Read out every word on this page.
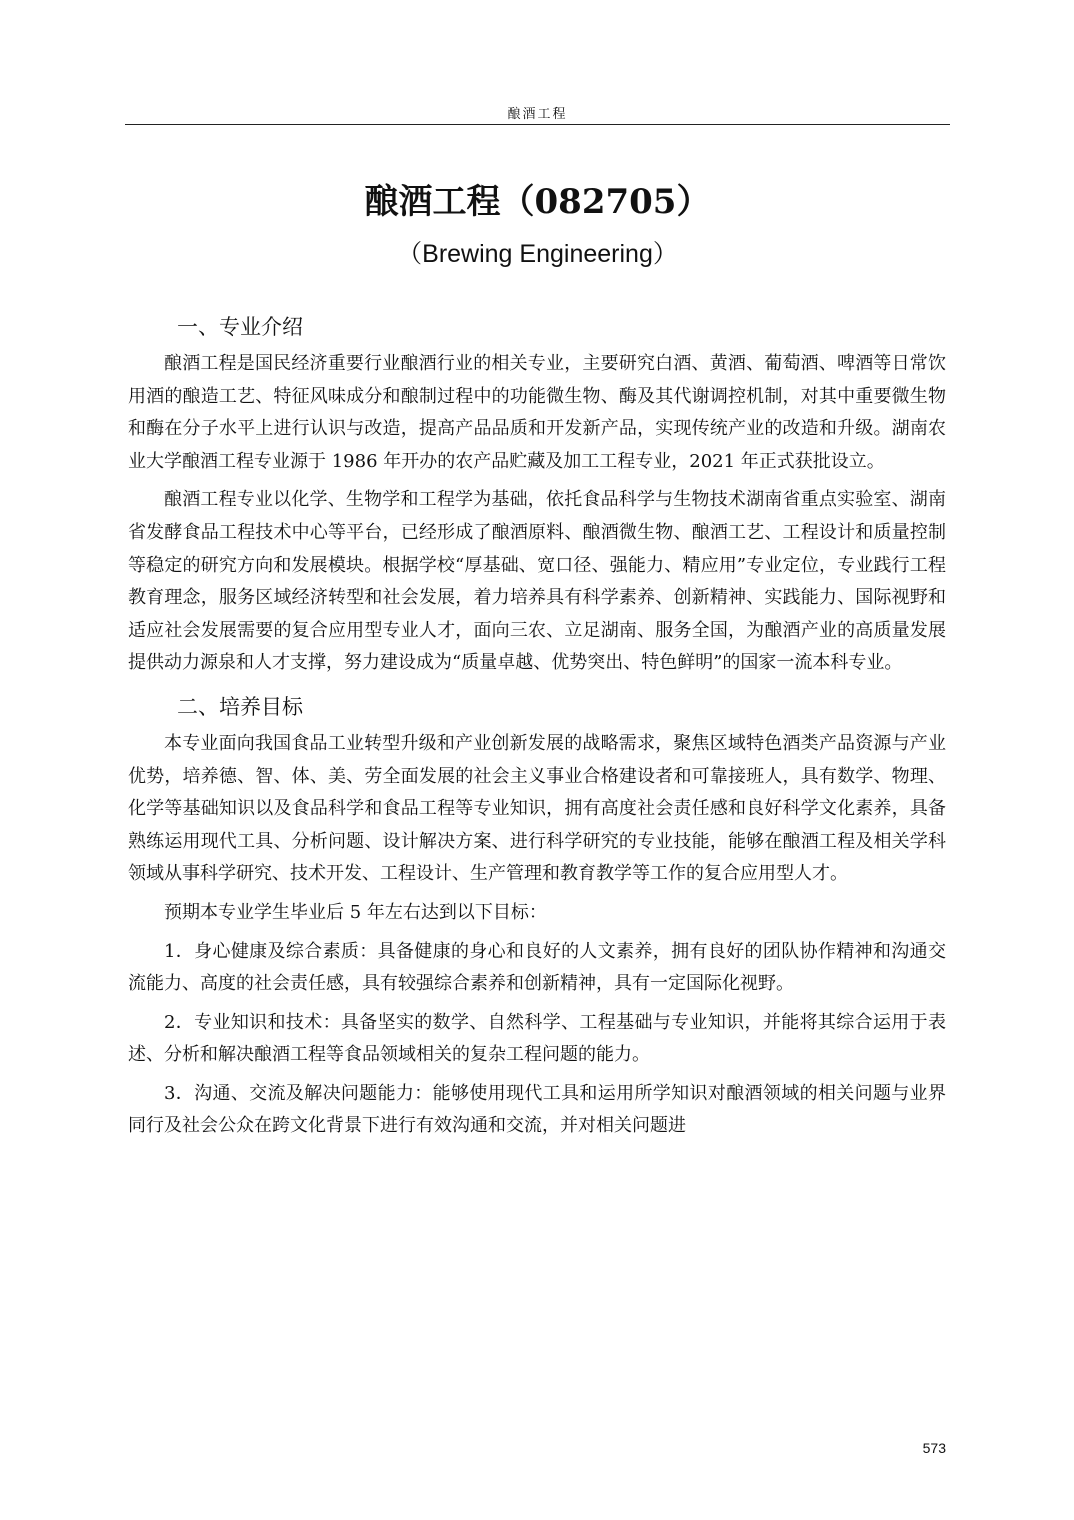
酿酒工程
酿酒工程（082705）
（Brewing Engineering）
一、专业介绍

酿酒工程是国民经济重要行业酿酒行业的相关专业，主要研究白酒、黄酒、葡萄酒、啤酒等日常饮用酒的酿造工艺、特征风味成分和酿制过程中的功能微生物、酶及其代谢调控机制，对其中重要微生物和酶在分子水平上进行认识与改造，提高产品品质和开发新产品，实现传统产业的改造和升级。湖南农业大学酿酒工程专业源于 1986 年开办的农产品贮藏及加工工程专业，2021 年正式获批设立。

酿酒工程专业以化学、生物学和工程学为基础，依托食品科学与生物技术湖南省重点实验室、湖南省发酵食品工程技术中心等平台，已经形成了酿酒原料、酿酒微生物、酿酒工艺、工程设计和质量控制等稳定的研究方向和发展模块。根据学校“厚基础、宽口径、强能力、精应用”专业定位，专业践行工程教育理念，服务区域经济转型和社会发展，着力培养具有科学素养、创新精神、实践能力、国际视野和适应社会发展需要的复合应用型专业人才，面向三农、立足湖南、服务全国，为酿酒产业的高质量发展提供动力源泉和人才支撑，努力建设成为“质量卓越、优势突出、特色鲜明”的国家一流本科专业。

二、培养目标

本专业面向我国食品工业转型升级和产业创新发展的战略需求，聚焦区域特色酒类产品资源与产业优势，培养德、智、体、美、劳全面发展的社会主义事业合格建设者和可靠接班人，具有数学、物理、化学等基础知识以及食品科学和食品工程等专业知识，拥有高度社会责任感和良好科学文化素养，具备熟练运用现代工具、分析问题、设计解决方案、进行科学研究的专业技能，能够在酿酒工程及相关学科领域从事科学研究、技术开发、工程设计、生产管理和教育教学等工作的复合应用型人才。

预期本专业学生毕业后 5 年左右达到以下目标：

1．身心健康及综合素质：具备健康的身心和良好的人文素养，拥有良好的团队协作精神和沟通交流能力、高度的社会责任感，具有较强综合素养和创新精神，具有一定国际化视野。

2．专业知识和技术：具备坚实的数学、自然科学、工程基础与专业知识，并能将其综合运用于表述、分析和解决酿酒工程等食品领域相关的复杂工程问题的能力。

3．沟通、交流及解决问题能力：能够使用现代工具和运用所学知识对酿酒领域的相关问题与业界同行及社会公众在跨文化背景下进行有效沟通和交流，并对相关问题进

573
